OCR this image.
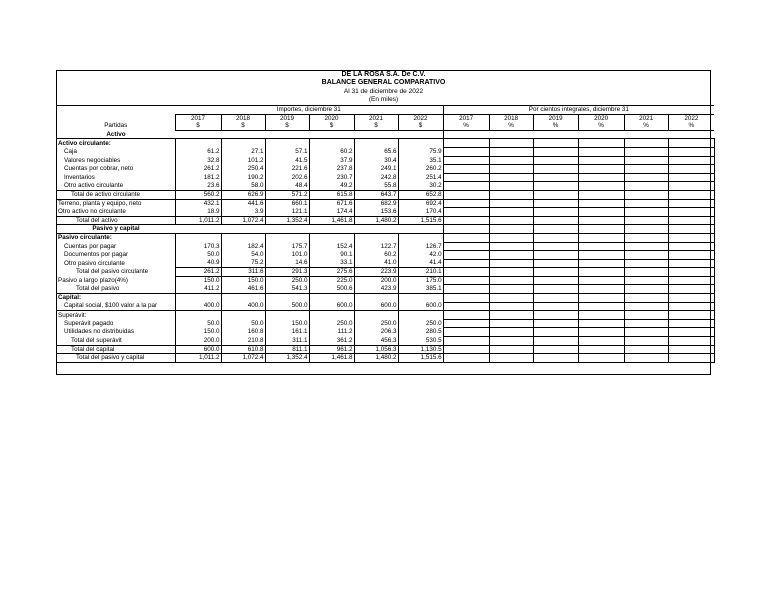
DE LA ROSA S.A. De C.V.
BALANCE GENERAL COMPARATIVO
Al 31 de diciembre de 2022
(En miles)
	Importes, diciembre 31						Por cientos integrales, diciembre 31					
	2017	2018	2019	2020	2021	2022	2017	2018	2019	2020	2021	2022
Partidas	$	$	$	$	$	$	%	%	%	%	%	%
Activo												
Activo circulante:												
Caja	61.2	27.1	57.1	60.2	65.6	75.9						
Valores negociables	32.8	101.2	41.5	37.9	30.4	35.1						
Cuentas por cobrar, neto	261.2	250.4	221.6	237.8	249.1	260.2						
Inventarios	181.2	190.2	202.6	230.7	242.8	251.4						
Otro activo circulante	23.6	58.0	48.4	49.2	55.8	30.2						
Total de activo circulante	560.2	626.9	571.2	615.8	643.7	652.8						
Terreno, planta y equipo, neto	432.1	441.6	660.1	671.6	682.9	692.4						
Otro activo no circulante	18.9	3.9	121.1	174.4	153.6	170.4						
Total del activo	1,011.2	1,072.4	1,352.4	1,461.8	1,480.2	1,515.6						
Pasivo y capital												
Pasivo circulante:												
Cuentas por pagar	170.3	182.4	175.7	152.4	122.7	126.7						
Documentos por pagar	50.0	54.0	101.0	90.1	60.2	42.0						
Otro pasivo circulante	40.9	75.2	14.6	33.1	41.0	41.4						
Total del pasivo circulante	261.2	311.6	291.3	275.6	223.9	210.1						
Pasivo a largo plazo(4%)	150.0	150.0	250.0	225.0	200.0	175.0						
Total del pasivo	411.2	461.6	541.3	500.6	423.9	385.1						
Capital:												
Capital social, $100 valor a la par	400.0	400.0	500.0	600.0	600.0	600.0						
Superávit:												
Superávit pagado	50.0	50.0	150.0	250.0	250.0	250.0						
Utilidades no distribuidas	150.0	160.8	161.1	111.2	206.3	280.5						
Total del superávit	200.0	210.8	311.1	361.2	456.3	530.5						
Total del capital	600.0	610.8	811.1	961.2	1,056.3	1,130.5						
Total del pasivo y capital	1,011.2	1,072.4	1,352.4	1,461.8	1,480.2	1,515.6						
